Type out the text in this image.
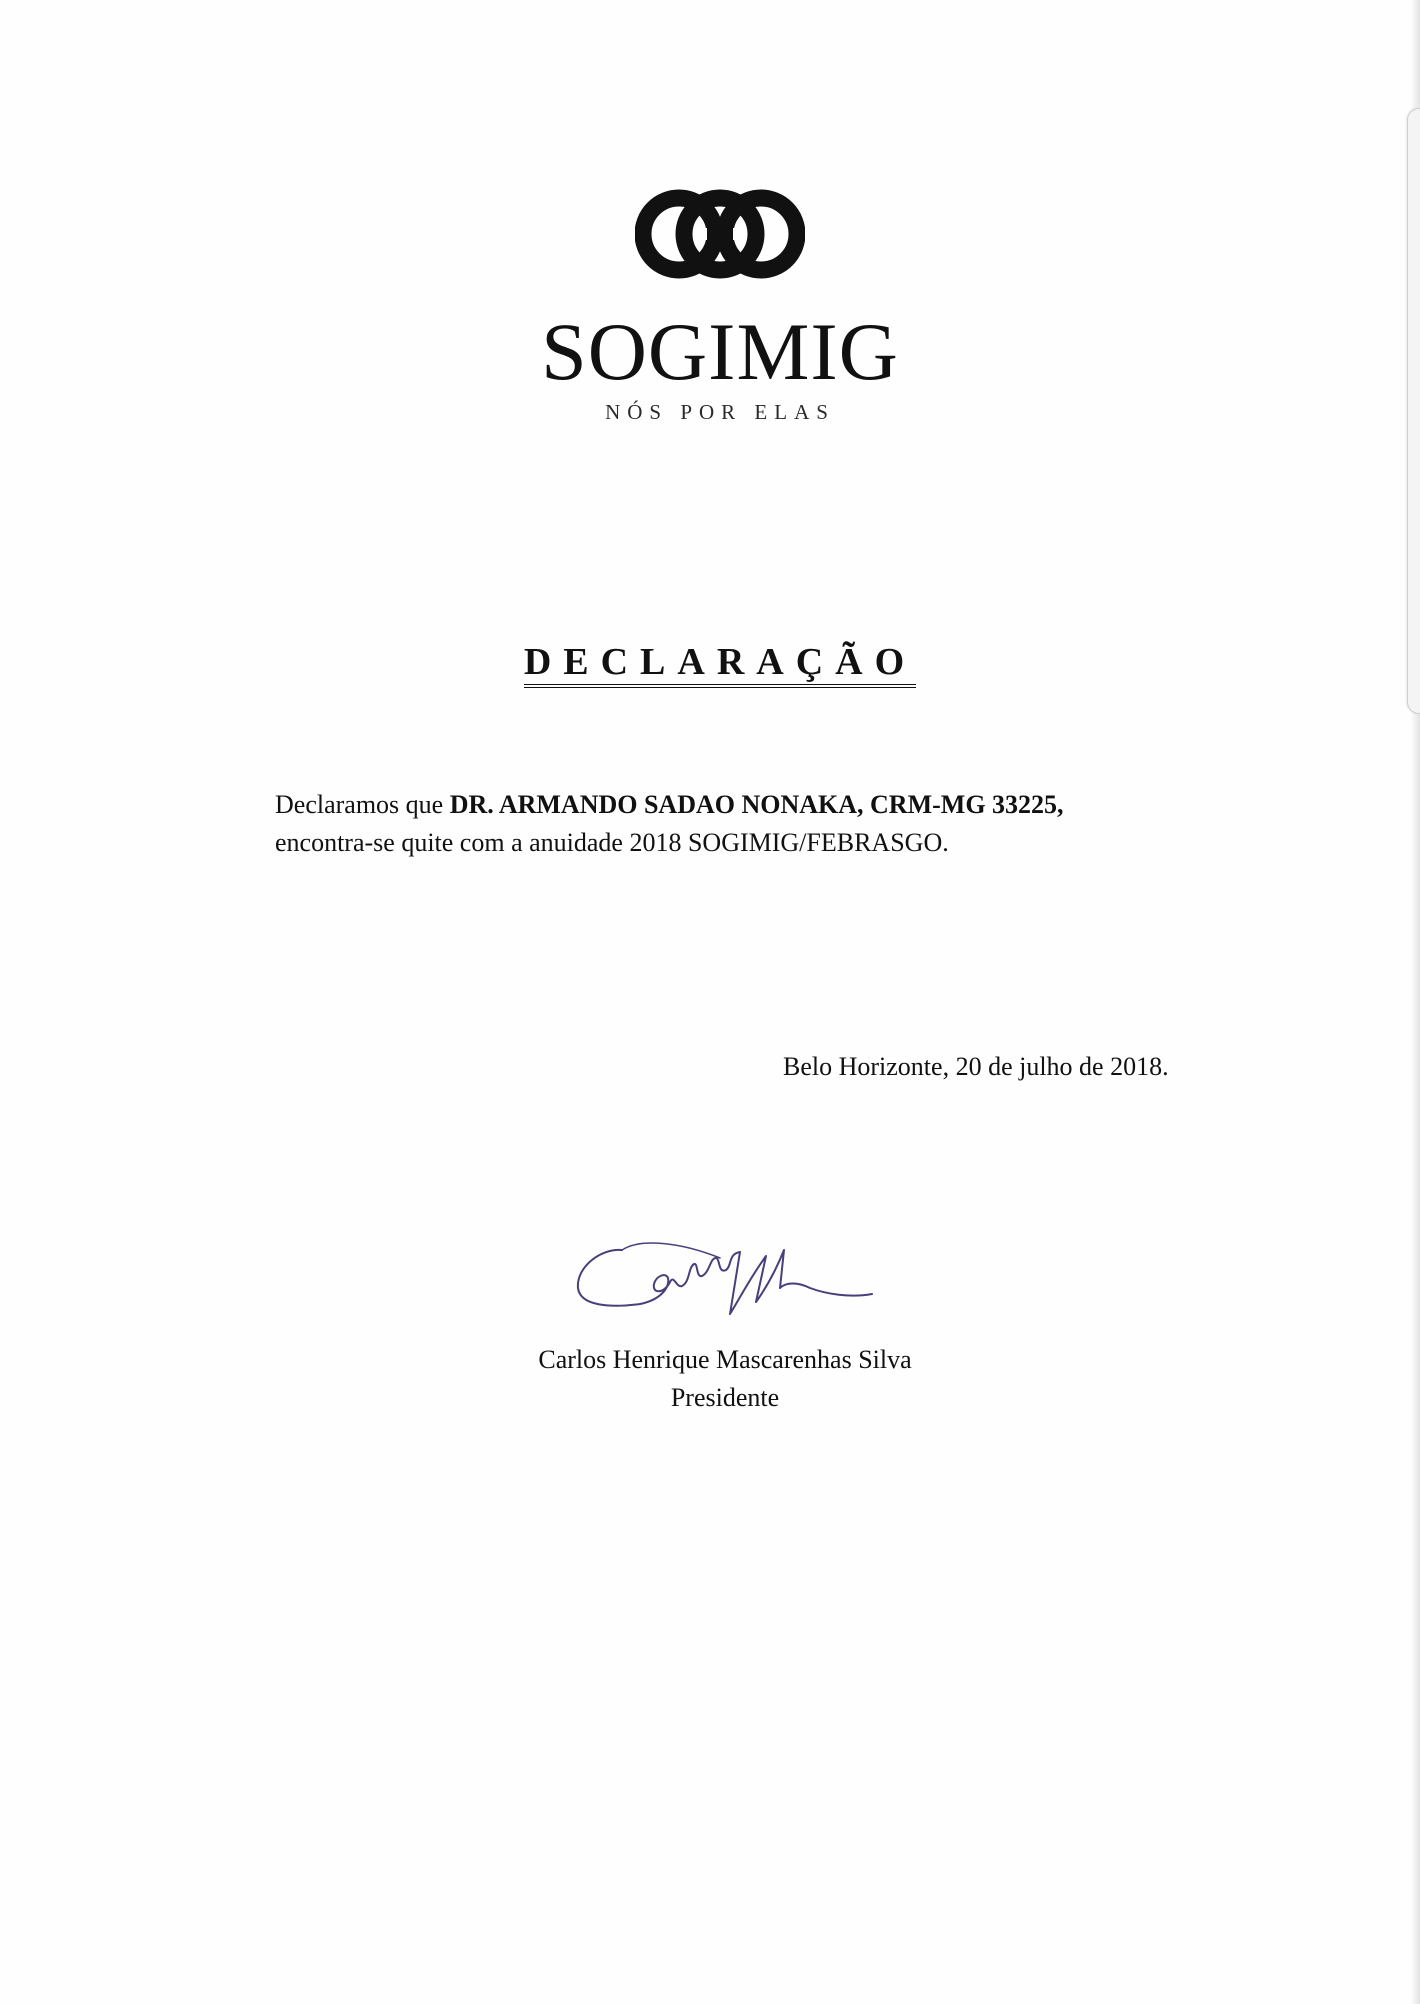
SOGIMIG
NÓS POR ELAS
DECLARAÇÃO
Declaramos que DR. ARMANDO SADAO NONAKA, CRM-MG 33225,
encontra-se quite com a anuidade 2018 SOGIMIG/FEBRASGO.
Belo Horizonte, 20 de julho de 2018.
Carlos Henrique Mascarenhas Silva
Presidente
